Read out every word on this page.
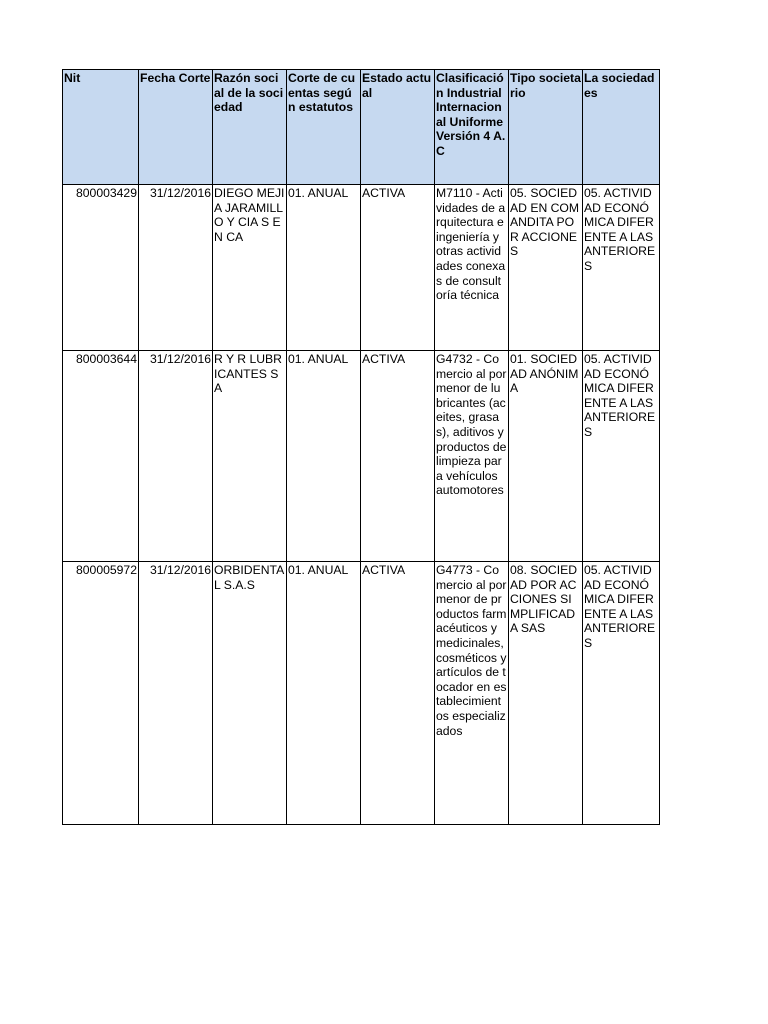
Nit	Fecha Corte	Razón social de la sociedad	Corte de cuentas según estatutos	Estado actual	Clasificación Industrial Internacional Uniforme Versión 4 A.C	Tipo societario	La sociedad es
800003429	31/12/2016	DIEGO MEJIA JARAMILLO Y CIA S EN CA	01. ANUAL	ACTIVA	M7110 - Actividades de arquitectura e ingeniería y otras actividades conexas de consultoría técnica	05. SOCIEDAD EN COMANDITA POR ACCIONES	05. ACTIVIDAD ECONÓMICA DIFERENTE A LAS ANTERIORES
800003644	31/12/2016	R Y R LUBRICANTES SA	01. ANUAL	ACTIVA	G4732 - Comercio al por menor de lubricantes (aceites, grasas), aditivos y productos de limpieza para vehículos automotores	01. SOCIEDAD ANÓNIMA	05. ACTIVIDAD ECONÓMICA DIFERENTE A LAS ANTERIORES
800005972	31/12/2016	ORBIDENTAL S.A.S	01. ANUAL	ACTIVA	G4773 - Comercio al por menor de productos farmacéuticos y medicinales, cosméticos y artículos de tocador en establecimientos especializados	08. SOCIEDAD POR ACCIONES SIMPLIFICADA SAS	05. ACTIVIDAD ECONÓMICA DIFERENTE A LAS ANTERIORES
